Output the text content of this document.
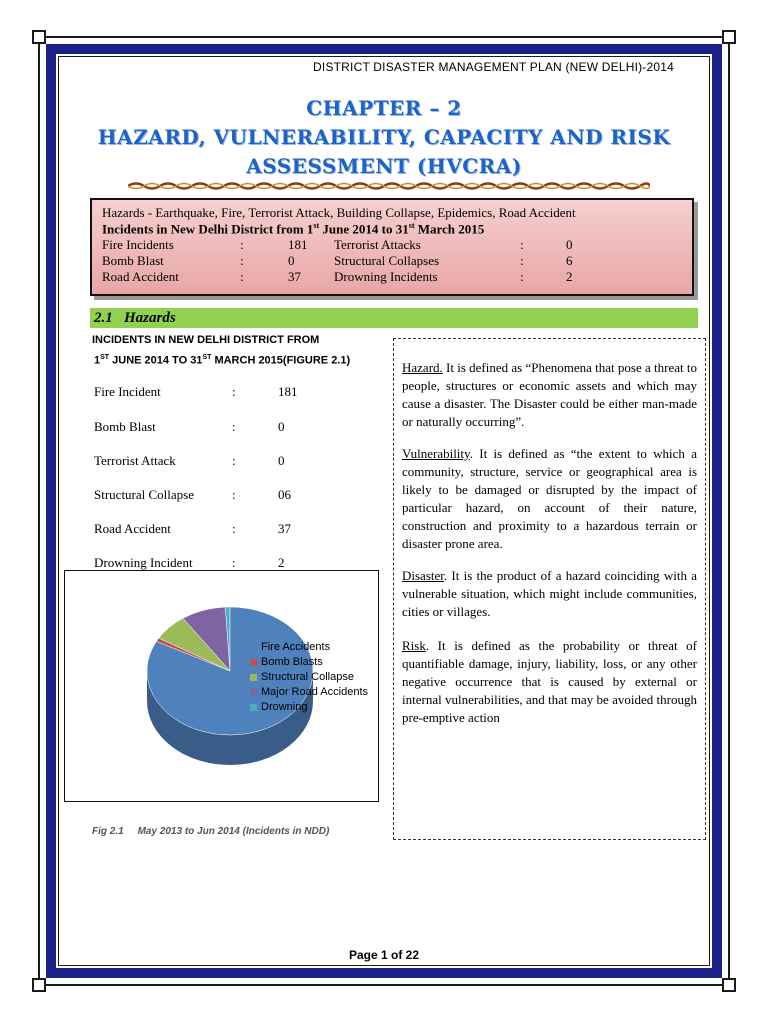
DISTRICT DISASTER MANAGEMENT PLAN (NEW DELHI)-2014
CHAPTER – 2
HAZARD, VULNERABILITY, CAPACITY AND RISK
ASSESSMENT (HVCRA)
Hazards - Earthquake, Fire, Terrorist Attack, Building Collapse, Epidemics, Road Accident
Incidents in New Delhi District from 1st June 2014 to 31st March 2015
Fire Incidents	:	181 Terrorist Attacks	:	0
Bomb Blast	:	0	Structural Collapses	:	6
Road Accident	:	37	Drowning Incidents	:	2
2.1 Hazards
INCIDENTS IN NEW DELHI DISTRICT FROM
1ST JUNE 2014 TO 31ST MARCH 2015(FIGURE 2.1)
Fire Incident	:	181
Bomb Blast	:	0
Terrorist Attack	:	0
Structural Collapse	:	06
Road Accident	:	37
Drowning Incident	:	2
Fire Accidents
Bomb Blasts
Structural Collapse
Major Road Accidents
Drowning
Fig 2.1     May 2013 to Jun 2014 (Incidents in NDD)

Hazard. It is defined as “Phenomena that pose a threat to people, structures or economic assets and which may cause a disaster. The Disaster could be either man-made or naturally occurring”.

Vulnerability. It is defined as “the extent to which a community, structure, service or geographical area is likely to be damaged or disrupted by the impact of particular hazard, on account of their nature, construction and proximity to a hazardous terrain or disaster prone area.

Disaster. It is the product of a hazard coinciding with a vulnerable situation, which might include communities, cities or villages.

Risk. It is defined as the probability or threat of quantifiable damage, injury, liability, loss, or any other negative occurrence that is caused by external or internal vulnerabilities, and that may be avoided through pre-emptive action

Page 1 of 22
